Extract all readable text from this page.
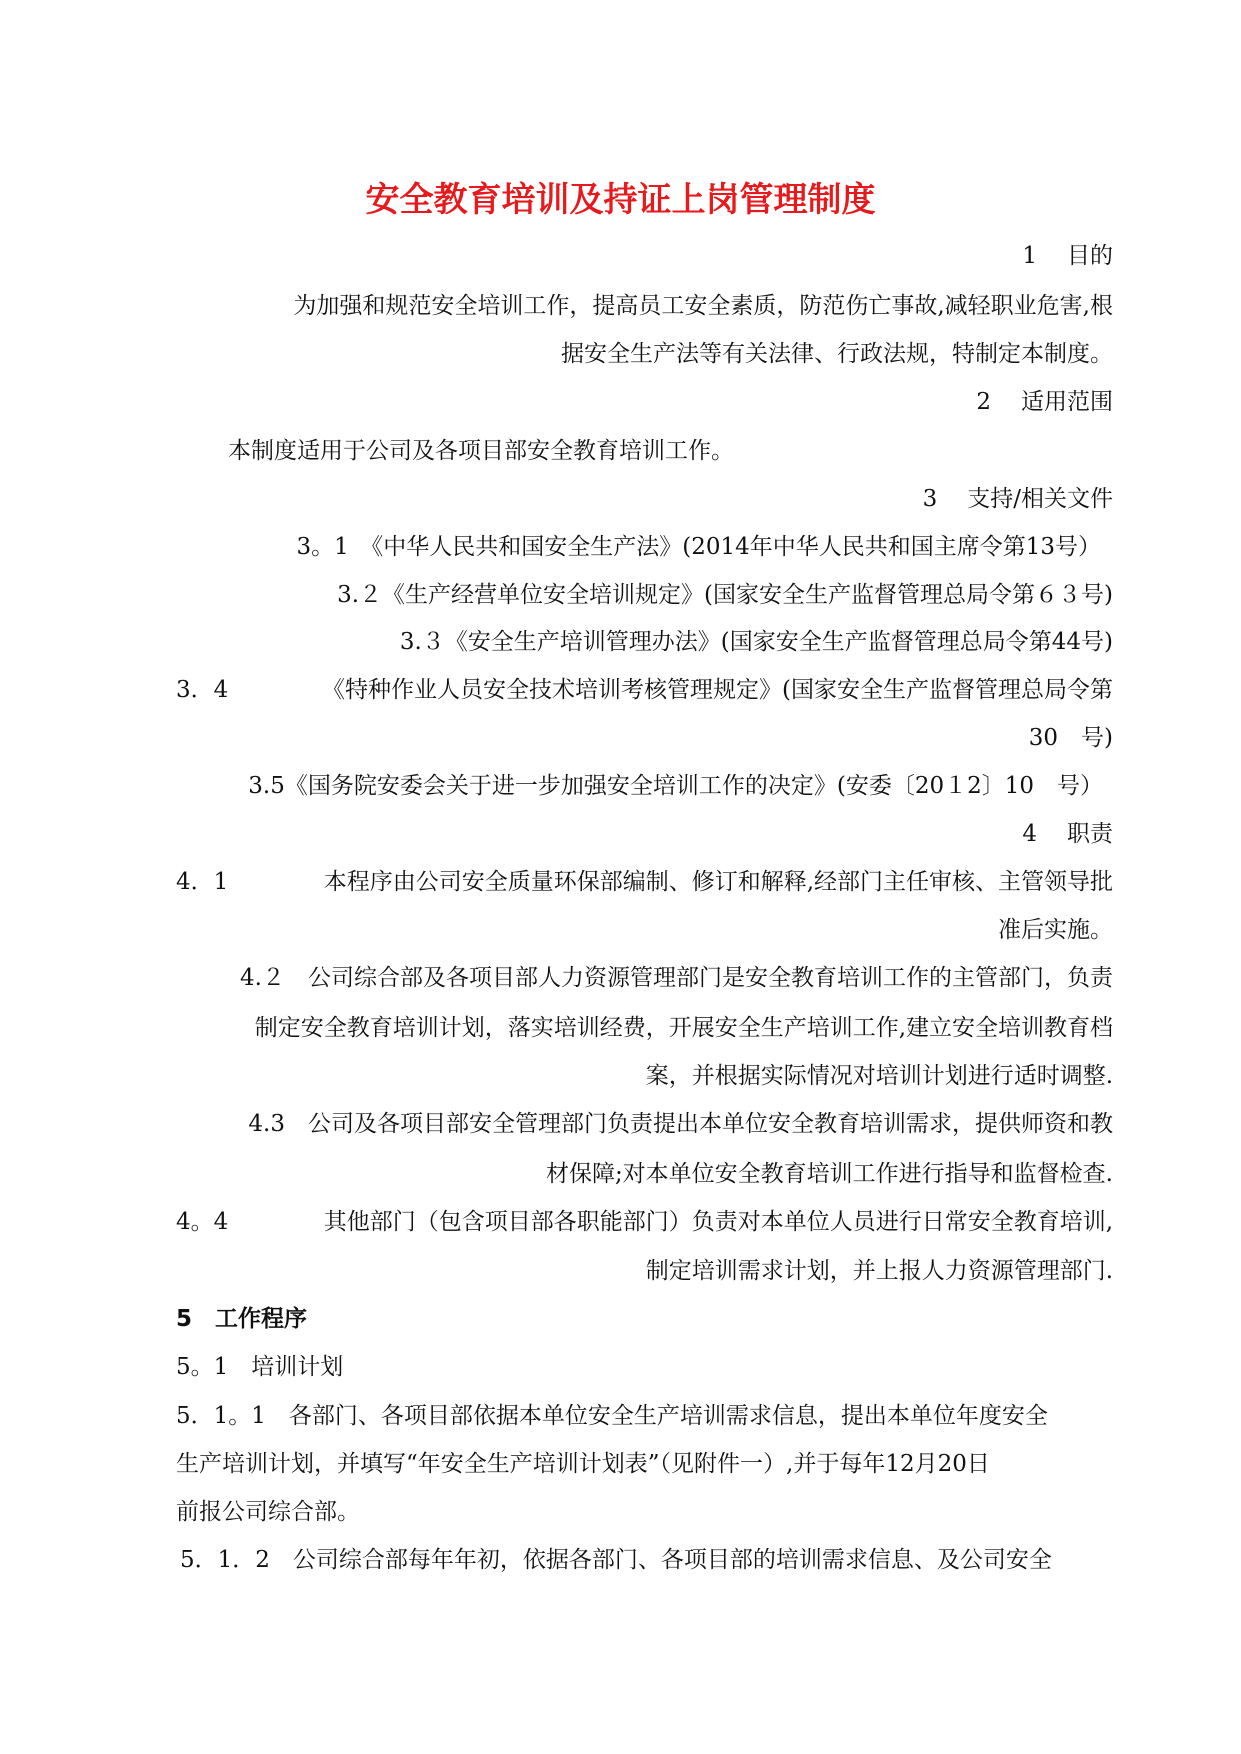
安全教育培训及持证上岗管理制度
1 目的
为加强和规范安全培训工作，提高员工安全素质，防范伤亡事故,减轻职业危害,根
据安全生产法等有关法律、行政法规，特制定本制度。
2 适用范围
本制度适用于公司及各项目部安全教育培训工作。
3 支持/相关文件
3。1　《中华人民共和国安全生产法》(2014年中华人民共和国主席令第13号）
3.２《生产经营单位安全培训规定》(国家安全生产监督管理总局令第６３号)
3.３《安全生产培训管理办法》(国家安全生产监督管理总局令第44号)
3．4	《特种作业人员安全技术培训考核管理规定》(国家安全生产监督管理总局令第
30　号)
3.5《国务院安委会关于进一步加强安全培训工作的决定》(安委〔20１2〕10　号）
4 职责
4．1	本程序由公司安全质量环保部编制、修订和解释,经部门主任审核、主管领导批
准后实施。
4.２　公司综合部及各项目部人力资源管理部门是安全教育培训工作的主管部门，负责
制定安全教育培训计划，落实培训经费，开展安全生产培训工作,建立安全培训教育档
案，并根据实际情况对培训计划进行适时调整.
4.3　公司及各项目部安全管理部门负责提出本单位安全教育培训需求，提供师资和教
材保障;对本单位安全教育培训工作进行指导和监督检查.
4。4	其他部门（包含项目部各职能部门）负责对本单位人员进行日常安全教育培训,
制定培训需求计划，并上报人力资源管理部门.
5　工作程序
5。1　培训计划
5．1。1　各部门、各项目部依据本单位安全生产培训需求信息，提出本单位年度安全
生产培训计划，并填写“年安全生产培训计划表”（见附件一）,并于每年12月20日
前报公司综合部。
5．1．2　公司综合部每年年初，依据各部门、各项目部的培训需求信息、及公司安全
